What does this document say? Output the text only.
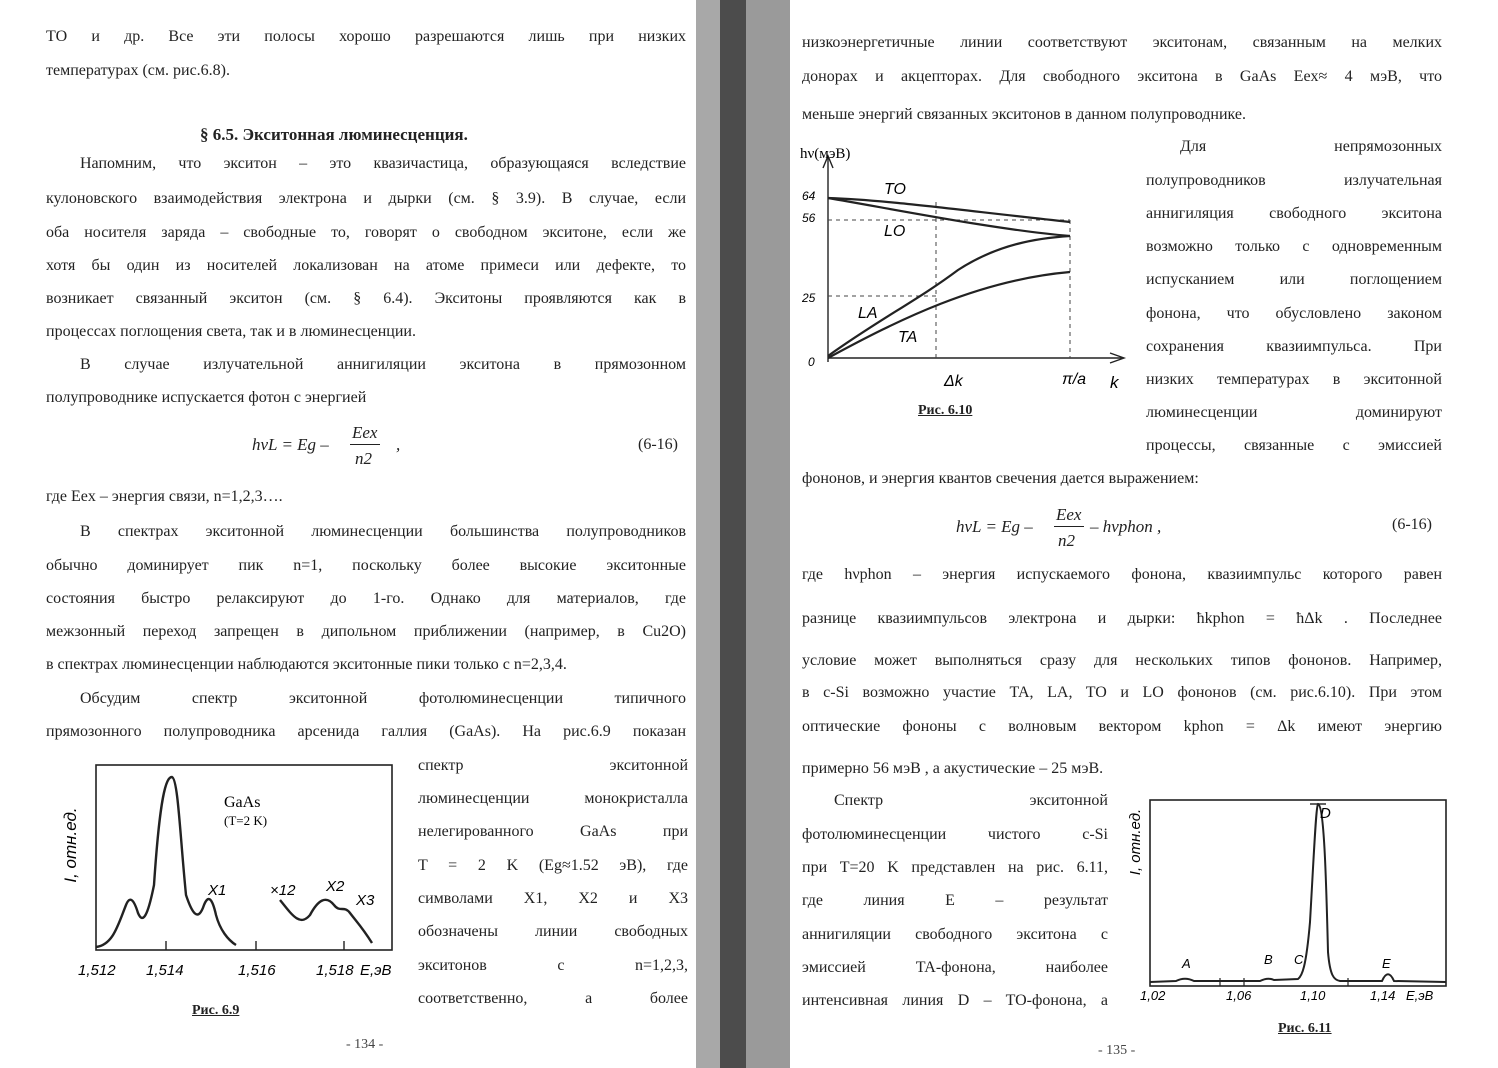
ТО и др. Все эти полосы хорошо разрешаются лишь при низких
температурах (см. рис.6.8).
§ 6.5. Экситонная люминесценция.
Напомним, что экситон – это квазичастица, образующаяся вследствие
кулоновского взаимодействия электрона и дырки (см. § 3.9). В случае, если
оба носителя заряда – свободные то, говорят о свободном экситоне, если же
хотя бы один из носителей локализован на атоме примеси или дефекте, то
возникает связанный экситон (см. § 6.4). Экситоны проявляются как в
процессах поглощения света, так и в люминесценции.
В случае излучательной аннигиляции экситона в прямозонном
полупроводнике испускается фотон с энергией
hνL = Eg –
Eex
n2
,	(6-16)
где Eex – энергия связи, n=1,2,3….
В спектрах экситонной люминесценции большинства полупроводников
обычно доминирует пик n=1, поскольку более высокие экситонные
состояния быстро релаксируют до 1-го. Однако для материалов, где
межзонный переход запрещен в дипольном приближении (например, в Cu2O)
в спектрах люминесценции наблюдаются экситонные пики только с n=2,3,4.
Обсудим спектр экситонной фотолюминесценции типичного
прямозонного полупроводника арсенида галлия (GaAs). На рис.6.9 показан
спектр экситонной
люминесценции монокристалла
нелегированного GaAs при
T = 2 K (Eg≈1.52 эВ), где
символами X1, X2 и X3
обозначены линии свободных
экситонов с n=1,2,3,
соответственно, а более
I, отн.ед.
GaAs
(T=2 K)
X1	×12 X2
X3
1,512 1,514	1,516	1,518 E,эВ
Рис. 6.9
- 134 -
низкоэнергетичные линии соответствуют экситонам, связанным на мелких
донорах и акцепторах. Для свободного экситона в GaAs Eex≈ 4 мэВ, что
меньше энергий связанных экситонов в данном полупроводнике.
Для непрямозонных
полупроводников излучательная
аннигиляция свободного экситона
возможно только с одновременным
испусканием или поглощением
фонона, что обусловлено законом
сохранения квазиимпульса. При
низких температурах в экситонной
люминесценции доминируют
процессы, связанные с эмиссией
фононов, и энергия квантов свечения дается выражением:
hν(мэВ)
64
56
25
0
TO
LO
LA
TA
Δk	π/a k
Рис. 6.10
hνL = Eg –
Eex
n2
– hνphon ,	(6-16)
где hνphon – энергия испускаемого фонона, квазиимпульс которого равен
разнице квазиимпульсов электрона и дырки: ħkphon = ħΔk . Последнее
условие может выполняться сразу для нескольких типов фононов. Например,
в c-Si возможно участие TA, LA, TO и LO фононов (см. рис.6.10). При этом
оптические фононы с волновым вектором kphon = Δk имеют энергию
примерно 56 мэВ , а акустические – 25 мэВ.
Спектр экситонной
фотолюминесценции чистого c-Si
при T=20 K представлен на рис. 6.11,
где линия E – результат
аннигиляции свободного экситона с
эмиссией TA-фонона, наиболее
интенсивная линия D – TO-фонона, а
I, отн.ед.	D
A	B C	E
1,02	1,06	1,10	1,14 E,эВ
Рис. 6.11
- 135 -
